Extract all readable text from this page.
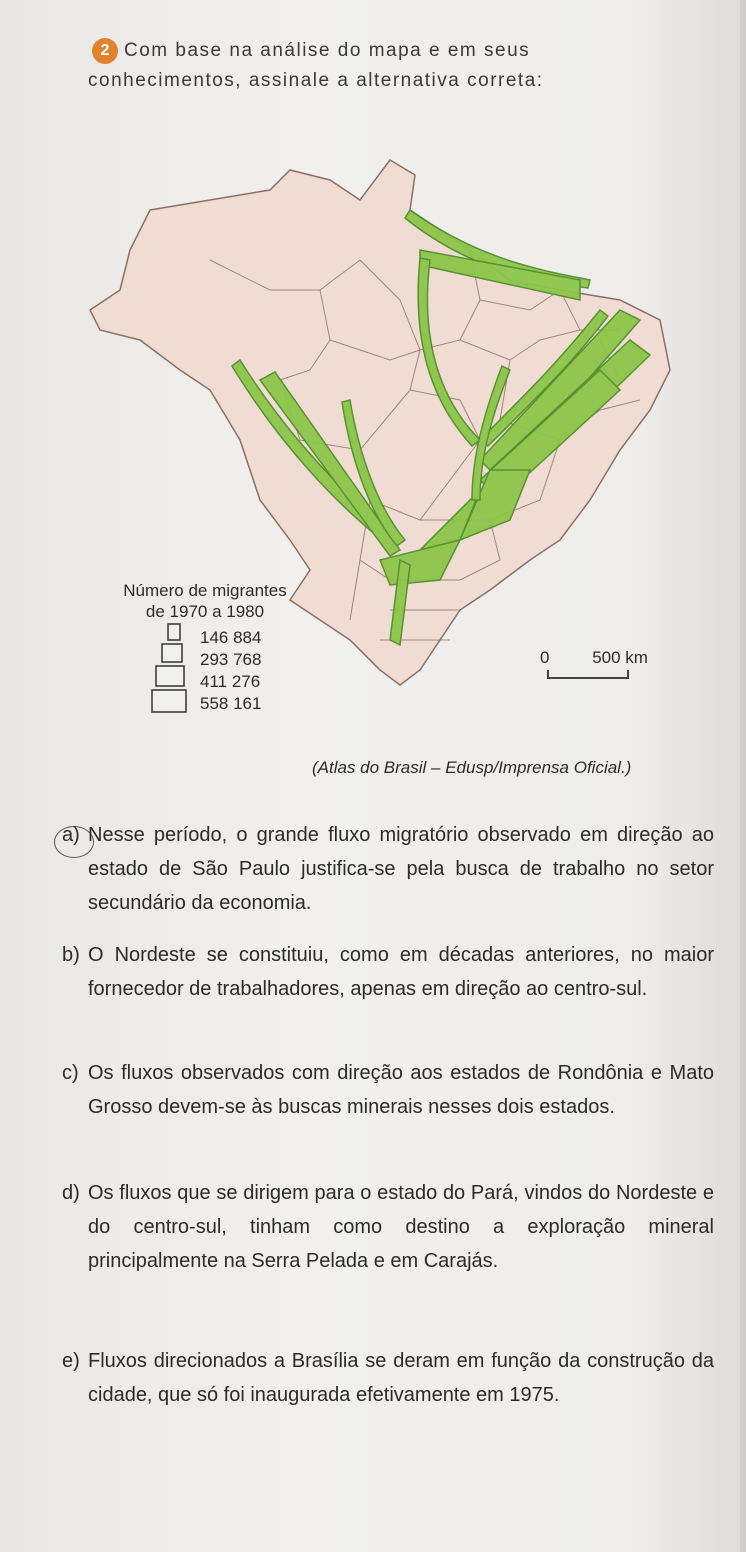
2 Com base na análise do mapa e em seus conhecimentos, assinale a alternativa correta:
Número de migrantes
de 1970 a 1980
146 884
293 768
411 276
558 161
0	500 km
(Atlas do Brasil – Edusp/Imprensa Oficial.)
a) Nesse período, o grande fluxo migratório observado em direção ao estado de São Paulo justifica-se pela busca de trabalho no setor secundário da economia.
b) O Nordeste se constituiu, como em décadas anteriores, no maior fornecedor de trabalhadores, apenas em direção ao centro-sul.
c) Os fluxos observados com direção aos estados de Rondônia e Mato Grosso devem-se às buscas minerais nesses dois estados.
d) Os fluxos que se dirigem para o estado do Pará, vindos do Nordeste e do centro-sul, tinham como destino a exploração mineral principalmente na Serra Pelada e em Carajás.
e) Fluxos direcionados a Brasília se deram em função da construção da cidade, que só foi inaugurada efetivamente em 1975.
